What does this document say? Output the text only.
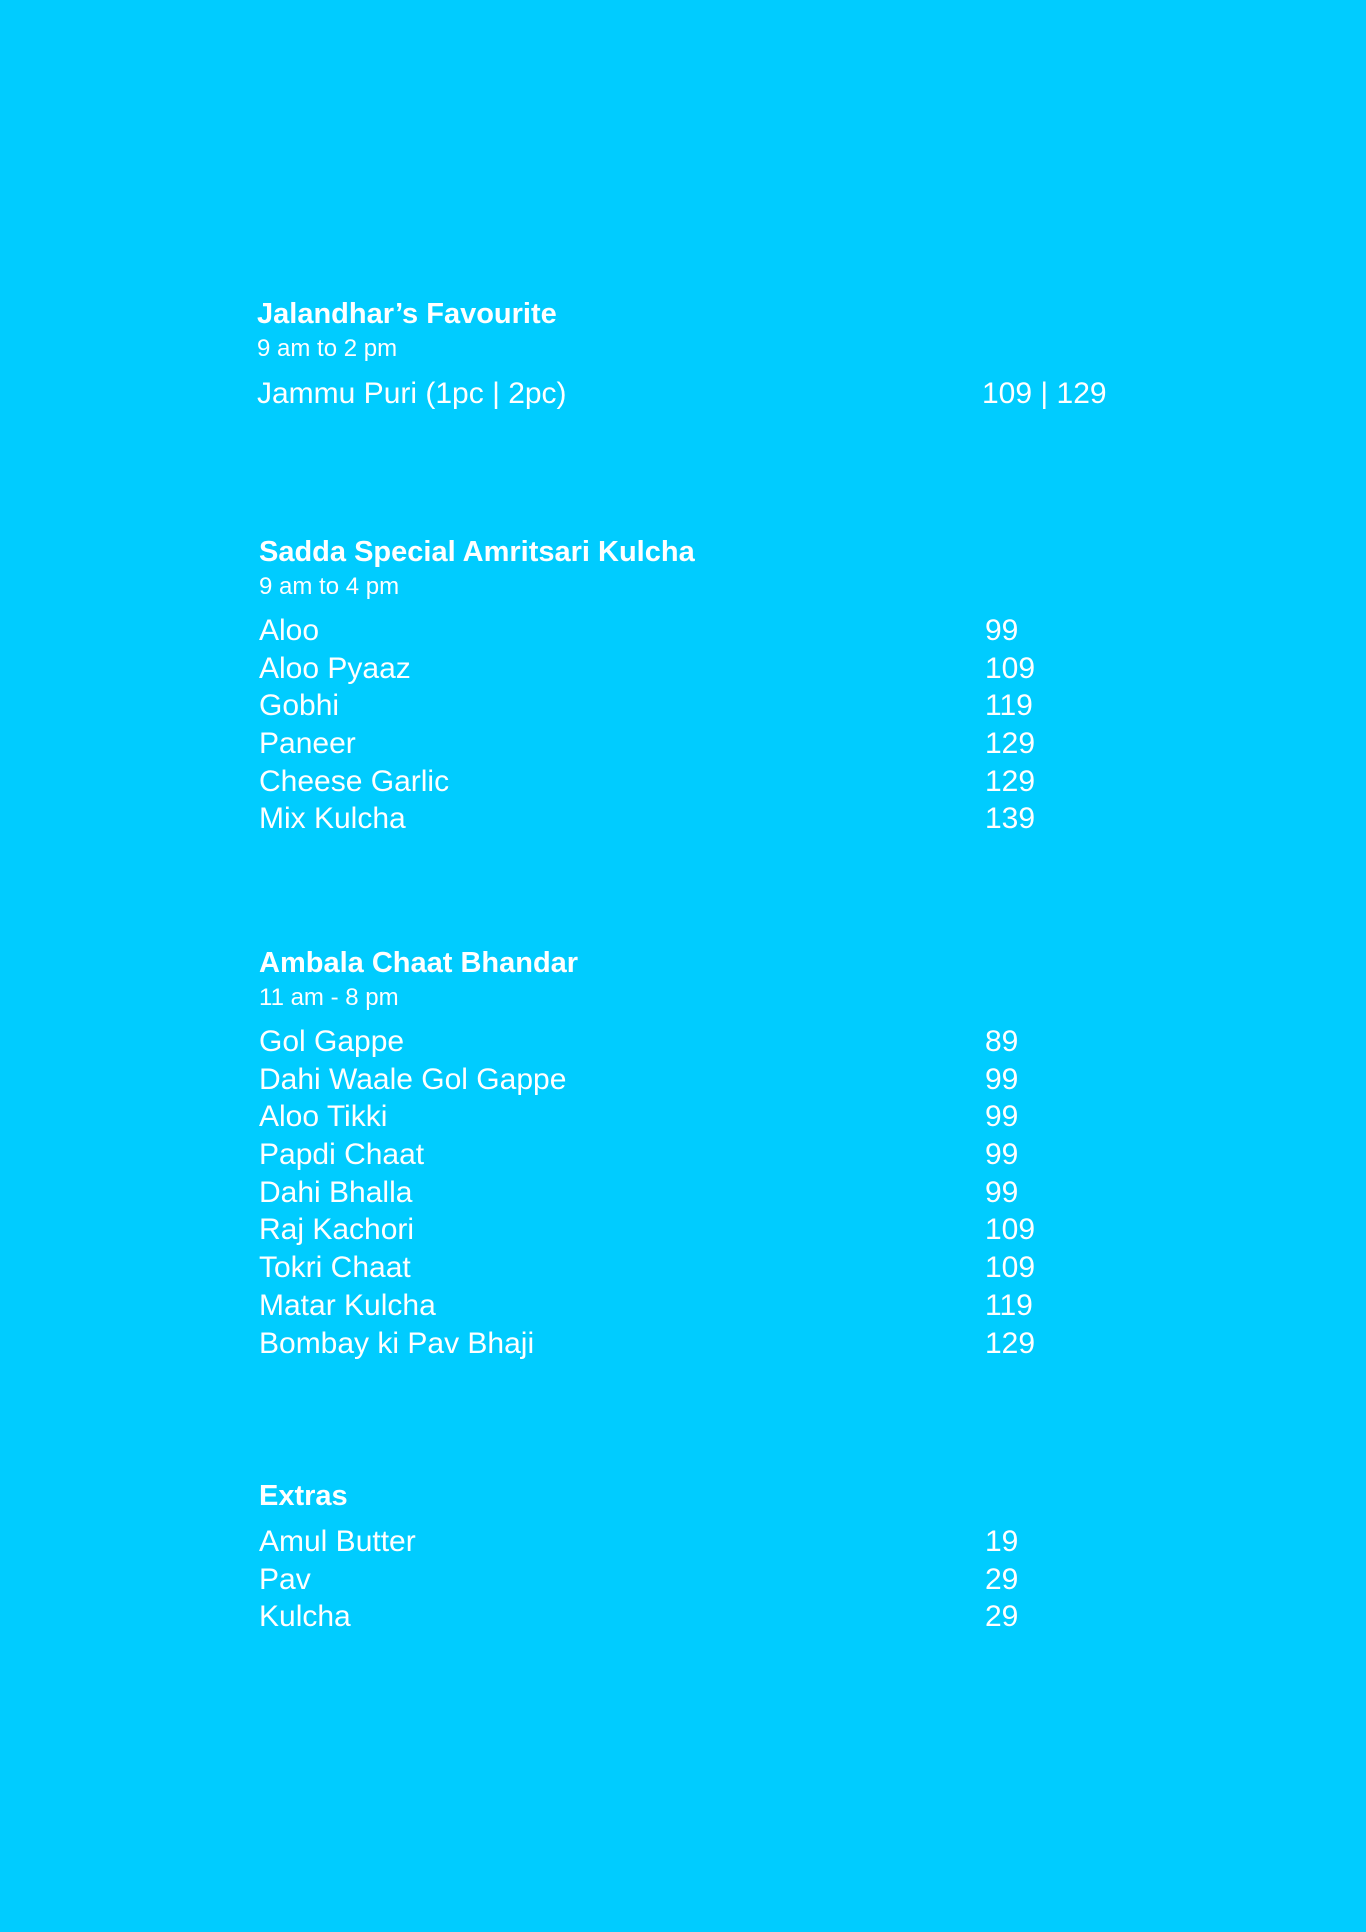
Jalandhar’s Favourite
9 am to 2 pm
Jammu Puri (1pc | 2pc)	109 | 129
Sadda Special Amritsari Kulcha
9 am to 4 pm
Aloo	99
Aloo Pyaaz	109
Gobhi	119
Paneer	129
Cheese Garlic	129
Mix Kulcha	139
Ambala Chaat Bhandar
11 am - 8 pm
Gol Gappe	89
Dahi Waale Gol Gappe	99
Aloo Tikki	99
Papdi Chaat	99
Dahi Bhalla	99
Raj Kachori	109
Tokri Chaat	109
Matar Kulcha	119
Bombay ki Pav Bhaji	129
Extras
Amul Butter	19
Pav	29
Kulcha	29
